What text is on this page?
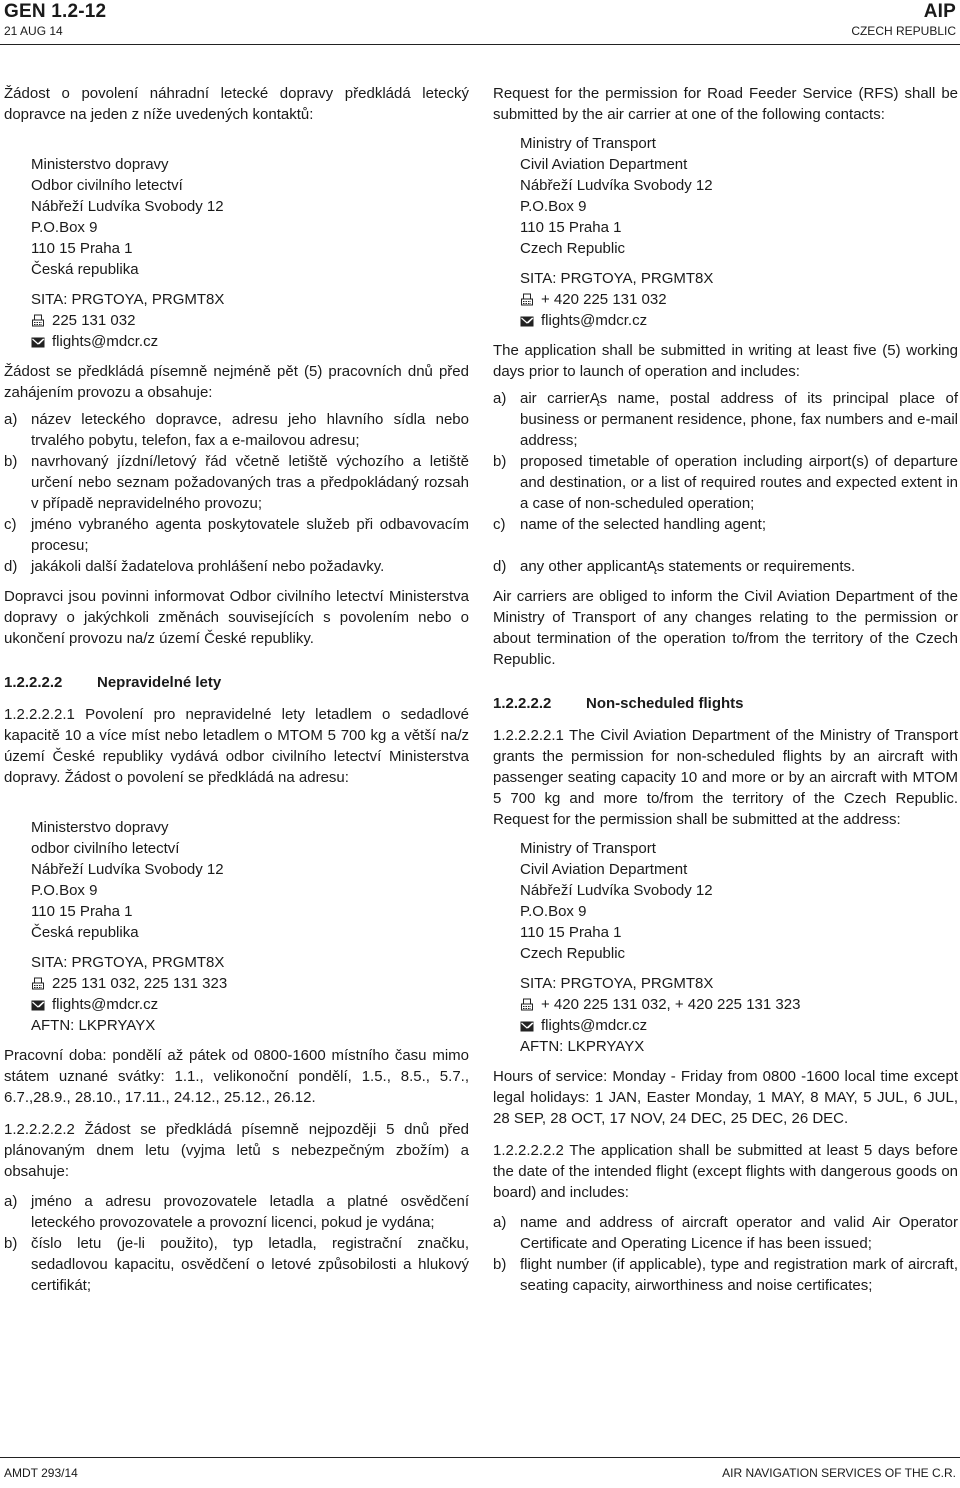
GEN 1.2-12
21 AUG 14
AIP
CZECH REPUBLIC

Žádost o povolení náhradní letecké dopravy předkládá letecký dopravce na jeden z níže uvedených kontaktů:

Ministerstvo dopravy
Odbor civilního letectví
Nábřeží Ludvíka Svobody 12
P.O.Box 9
110 15 Praha 1
Česká republika
SITA: PRGTOYA, PRGMT8X
225 131 032
flights@mdcr.cz

Žádost se předkládá písemně nejméně pět (5) pracovních dnů před zahájením provozu a obsahuje:

a) název leteckého dopravce, adresu jeho hlavního sídla nebo trvalého pobytu, telefon, fax a e-mailovou adresu;
b) navrhovaný jízdní/letový řád včetně letiště výchozího a letiště určení nebo seznam požadovaných tras a předpokládaný rozsah v případě nepravidelného provozu;
c) jméno vybraného agenta poskytovatele služeb při odbavovacím procesu;
d) jakákoli další žadatelova prohlášení nebo požadavky.

Dopravci jsou povinni informovat Odbor civilního letectví Ministerstva dopravy o jakýchkoli změnách souvisejících s povolením nebo o ukončení provozu na/z území České republiky.

1.2.2.2.2	Nepravidelné lety

1.2.2.2.2.1 Povolení pro nepravidelné lety letadlem o sedadlové kapacitě 10 a více míst nebo letadlem o MTOM 5 700 kg a větší na/z území České republiky vydává odbor civilního letectví Ministerstva dopravy. Žádost o povolení se předkládá na adresu:

Ministerstvo dopravy
odbor civilního letectví
Nábřeží Ludvíka Svobody 12
P.O.Box 9
110 15 Praha 1
Česká republika
SITA: PRGTOYA, PRGMT8X
225 131 032, 225 131 323
flights@mdcr.cz
AFTN: LKPRYAYX

Pracovní doba: pondělí až pátek od 0800-1600 místního času mimo státem uznané svátky: 1.1., velikonoční pondělí, 1.5., 8.5., 5.7., 6.7.,28.9., 28.10., 17.11., 24.12., 25.12., 26.12.

1.2.2.2.2.2 Žádost se předkládá písemně nejpozději 5 dnů před plánovaným dnem letu (vyjma letů s nebezpečným zbožím) a obsahuje:

a) jméno a adresu provozovatele letadla a platné osvědčení leteckého provozovatele a provozní licenci, pokud je vydána;
b) číslo letu (je-li použito), typ letadla, registrační značku, sedadlovou kapacitu, osvědčení o letové způsobilosti a hlukový certifikát;

Request for the permission for Road Feeder Service (RFS) shall be submitted by the air carrier at one of the following contacts:

Ministry of Transport
Civil Aviation Department
Nábřeží Ludvíka Svobody 12
P.O.Box 9
110 15 Praha 1
Czech Republic
SITA: PRGTOYA, PRGMT8X
+ 420 225 131 032
flights@mdcr.cz

The application shall be submitted in writing at least five (5) working days prior to launch of operation and includes:

a) air carrierĄs name, postal address of its principal place of business or permanent residence, phone, fax numbers and e-mail address;
b) proposed timetable of operation including airport(s) of departure and destination, or a list of required routes and expected extent in a case of non-scheduled operation;
c) name of the selected handling agent;
d) any other applicantĄs statements or requirements.

Air carriers are obliged to inform the Civil Aviation Department of the Ministry of Transport of any changes relating to the permission or about termination of the operation to/from the territory of the Czech Republic.

1.2.2.2.2	Non-scheduled flights

1.2.2.2.2.1 The Civil Aviation Department of the Ministry of Transport grants the permission for non-scheduled flights by an aircraft with passenger seating capacity 10 and more or by an aircraft with MTOM 5 700 kg and more to/from the territory of the Czech Republic. Request for the permission shall be submitted at the address:

Ministry of Transport
Civil Aviation Department
Nábřeží Ludvíka Svobody 12
P.O.Box 9
110 15 Praha 1
Czech Republic
SITA: PRGTOYA, PRGMT8X
+ 420 225 131 032, + 420 225 131 323
flights@mdcr.cz
AFTN: LKPRYAYX

Hours of service: Monday - Friday from 0800 -1600 local time except legal holidays: 1 JAN, Easter Monday, 1 MAY, 8 MAY, 5 JUL, 6 JUL, 28 SEP, 28 OCT, 17 NOV, 24 DEC, 25 DEC, 26 DEC.

1.2.2.2.2.2 The application shall be submitted at least 5 days before the date of the intended flight (except flights with dangerous goods on board) and includes:

a) name and address of aircraft operator and valid Air Operator Certificate and Operating Licence if has been issued;
b) flight number (if applicable), type and registration mark of aircraft, seating capacity, airworthiness and noise certificates;
AMDT 293/14	AIR NAVIGATION SERVICES OF THE C.R.
